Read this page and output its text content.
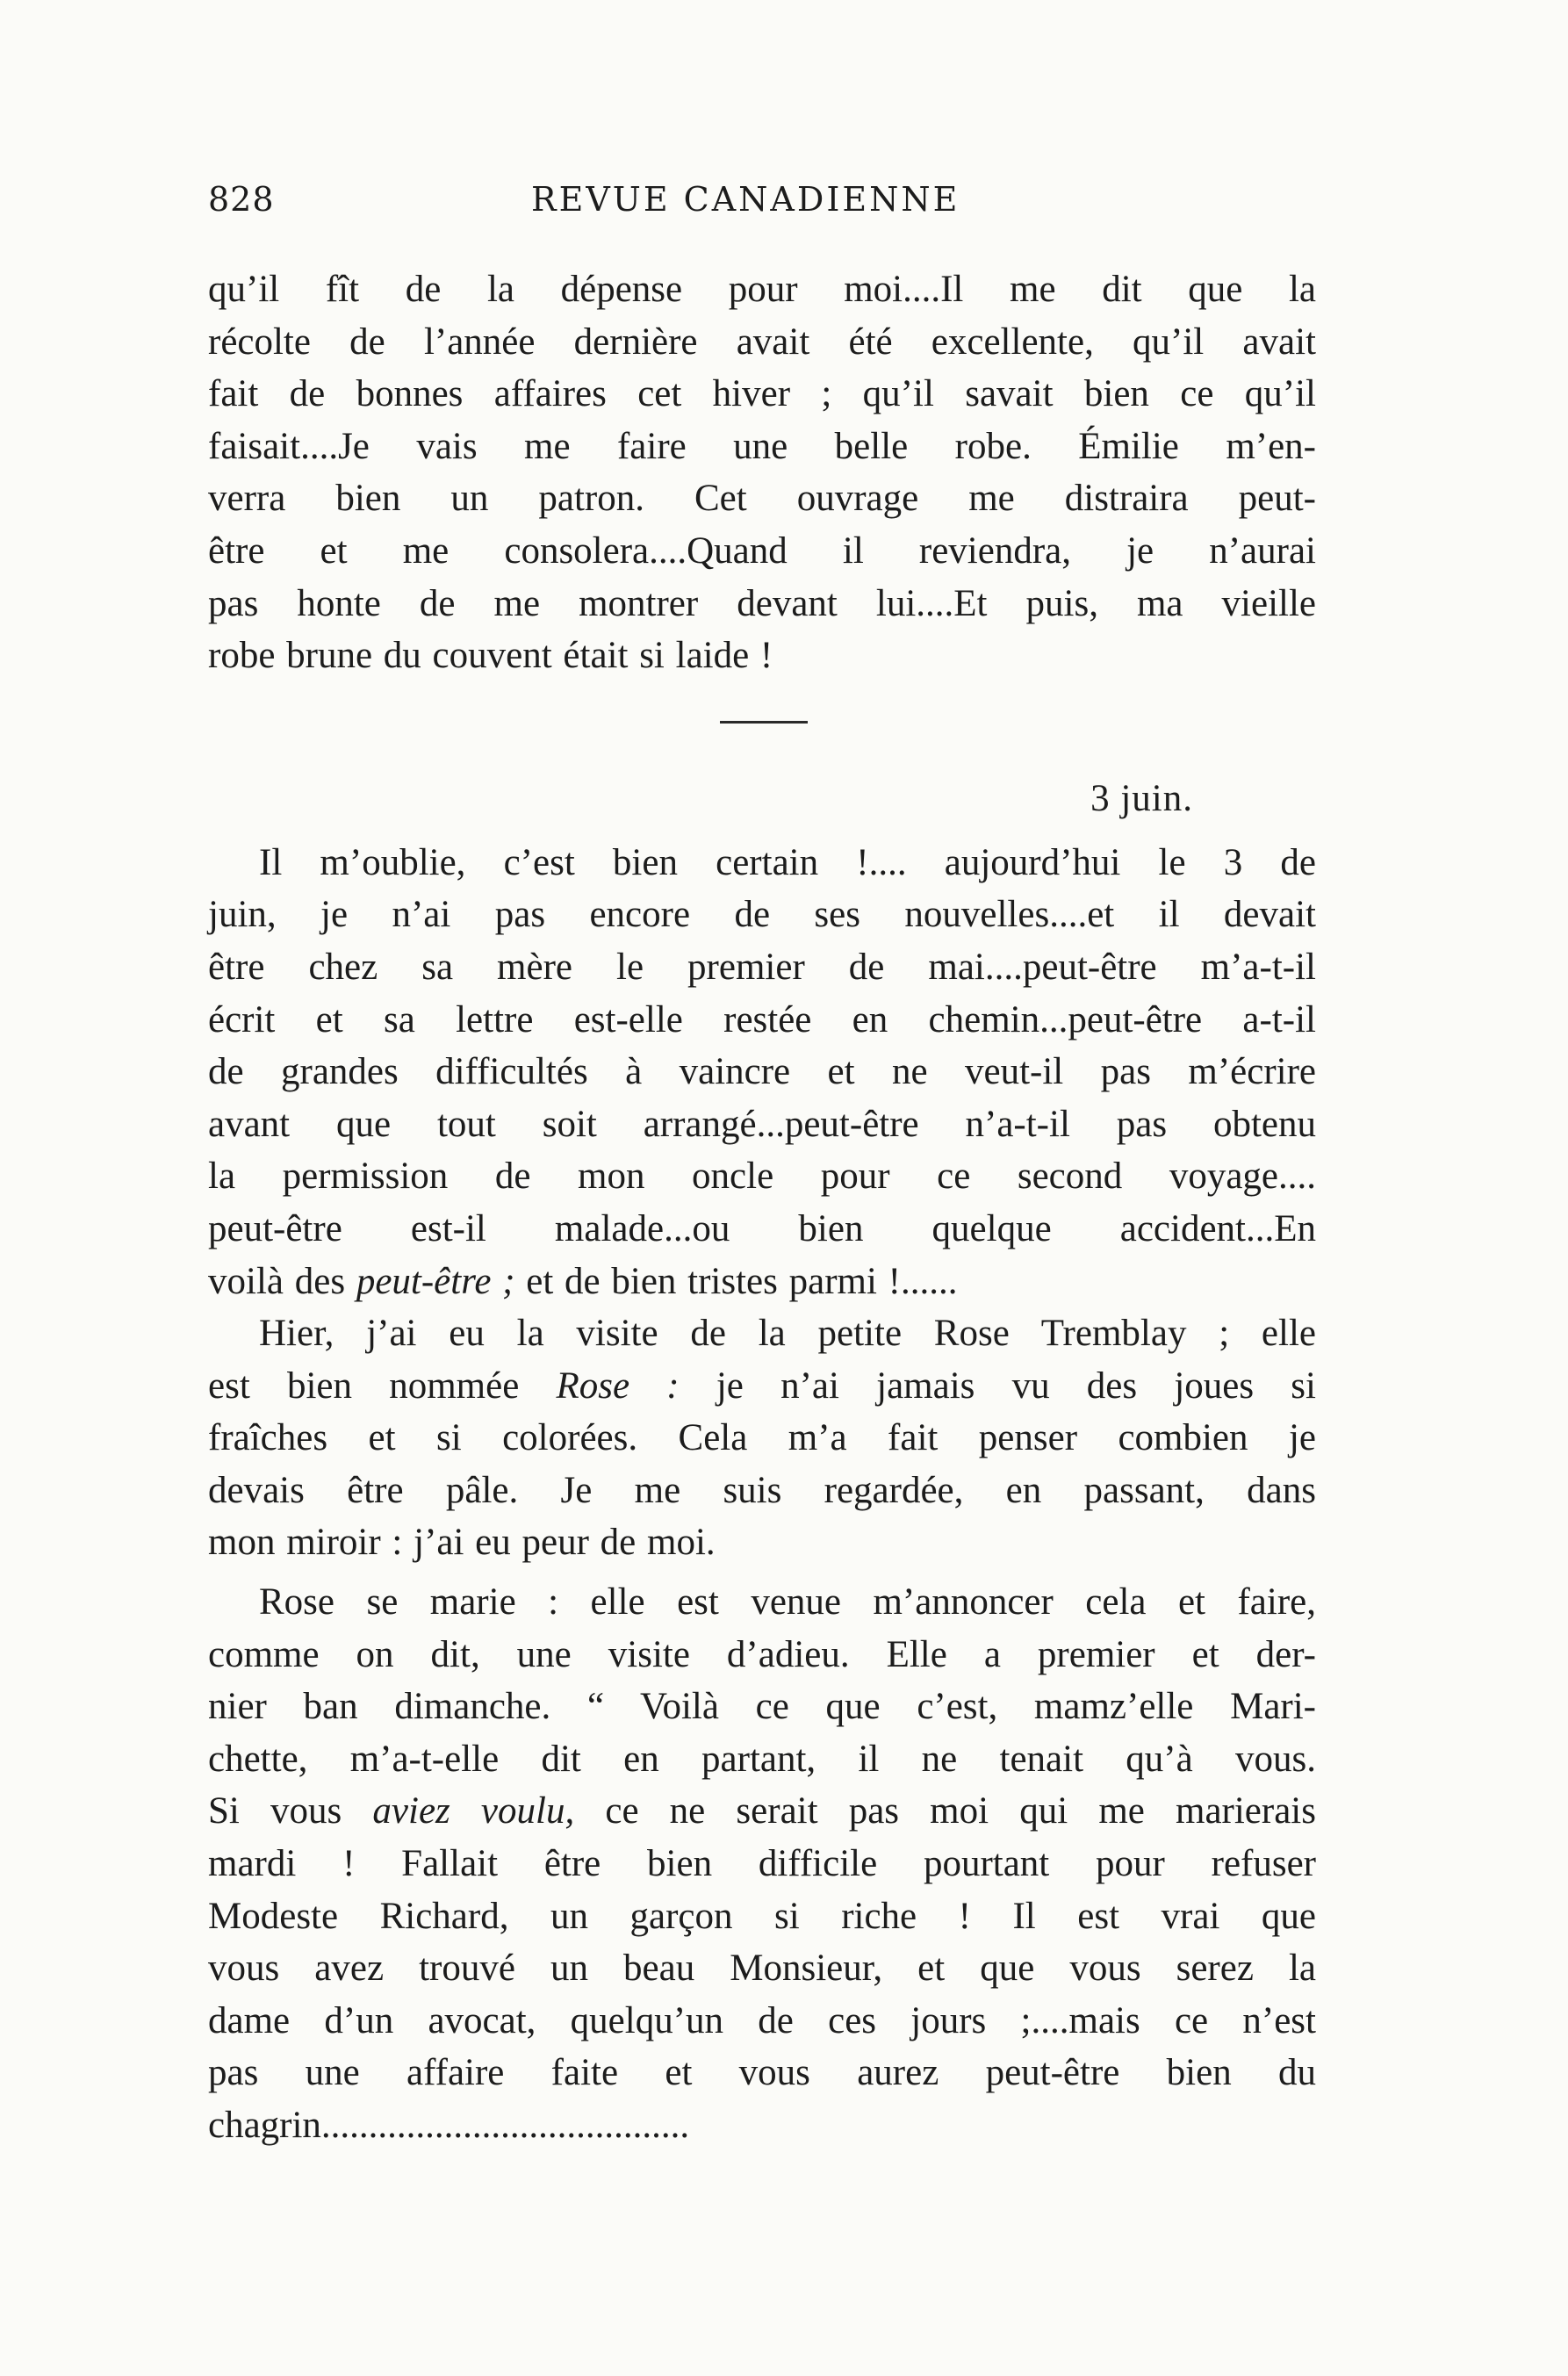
828	REVUE CANADIENNE
qu’il fît de la dépense pour moi....Il me dit que la
récolte de l’année dernière avait été excellente, qu’il avait
fait de bonnes affaires cet hiver ; qu’il savait bien ce qu’il
faisait....Je vais me faire une belle robe. Émilie m’en-
verra bien un patron. Cet ouvrage me distraira peut-
être et me consolera....Quand il reviendra, je n’aurai
pas honte de me montrer devant lui....Et puis, ma vieille
robe brune du couvent était si laide !
3 juin.
Il m’oublie, c’est bien certain !.... aujourd’hui le 3 de
juin, je n’ai pas encore de ses nouvelles....et il devait
être chez sa mère le premier de mai....peut-être m’a-t-il
écrit et sa lettre est-elle restée en chemin...peut-être a-t-il
de grandes difficultés à vaincre et ne veut-il pas m’écrire
avant que tout soit arrangé...peut-être n’a-t-il pas obtenu
la permission de mon oncle pour ce second voyage....
peut-être est-il malade...ou bien quelque accident...En
voilà des peut-être ; et de bien tristes parmi !......
Hier, j’ai eu la visite de la petite Rose Tremblay ; elle
est bien nommée Rose : je n’ai jamais vu des joues si
fraîches et si colorées. Cela m’a fait penser combien je
devais être pâle. Je me suis regardée, en passant, dans
mon miroir : j’ai eu peur de moi.
Rose se marie : elle est venue m’annoncer cela et faire,
comme on dit, une visite d’adieu. Elle a premier et der-
nier ban dimanche. “ Voilà ce que c’est, mamz’elle Mari-
chette, m’a-t-elle dit en partant, il ne tenait qu’à vous.
Si vous aviez voulu, ce ne serait pas moi qui me marierais
mardi ! Fallait être bien difficile pourtant pour refuser
Modeste Richard, un garçon si riche ! Il est vrai que
vous avez trouvé un beau Monsieur, et que vous serez la
dame d’un avocat, quelqu’un de ces jours ;....mais ce n’est
pas une affaire faite et vous aurez peut-être bien du
chagrin.......................................
